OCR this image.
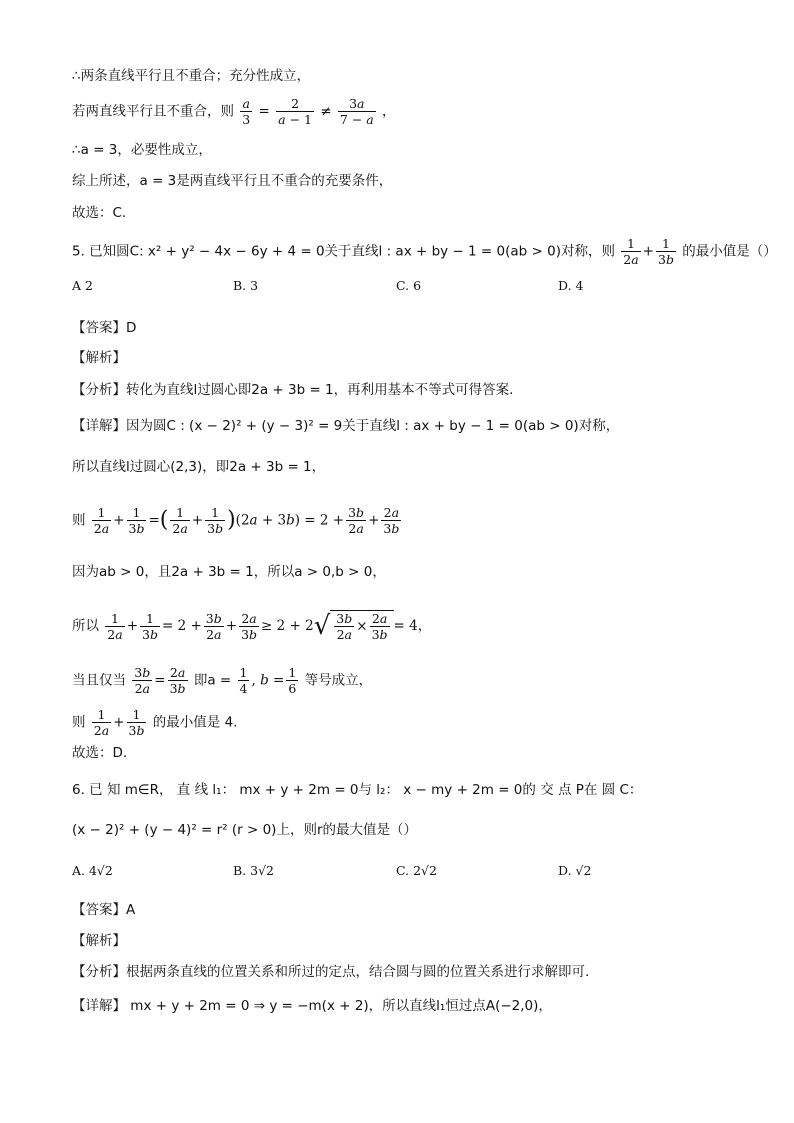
∴两条直线平行且不重合；充分性成立，
若两直线平行且不重合，则 $\frac{a}{3} = \frac{2}{a - 1} \ne \frac{3a}{7 - a}$ ，
∴a = 3，必要性成立，
综上所述，a = 3是两直线平行且不重合的充要条件，
故选：C.
5. 已知圆C: x² + y² − 4x − 6y + 4 = 0关于直线l : ax + by − 1 = 0(ab > 0)对称，则 $\frac{1}{2a} + \frac{1}{3b}$ 的最小值是（）
A 2	B. 3	C. 6	D. 4
【答案】D
【解析】
【分析】转化为直线l过圆心即2a + 3b = 1，再利用基本不等式可得答案.
【详解】因为圆C : (x − 2)² + (y − 3)² = 9关于直线l : ax + by − 1 = 0(ab > 0)对称，
所以直线l过圆心(2,3)，即2a + 3b = 1，
则 $\frac{1}{2a} + \frac{1}{3b}$ =( $\frac{1}{2a} + \frac{1}{3b} )(2a + 3b) = 2 + \frac{3b}{2a} + \frac{2a}{3b}$
因为ab > 0，且2a + 3b = 1，所以a > 0,b > 0，
所以 $\frac{1}{2a} + \frac{1}{3b} = 2 + \frac{3b}{2a} + \frac{2a}{3b} \ge 2 + 2√ \frac{3b}{2a} \times \frac{2a}{3b} = 4$，
当且仅当 $\frac{3b}{2a} = \frac{2a}{3b}$ 即$a = \frac{1}{4}$ , $b = \frac{1}{6}$ 等号成立，
则 $\frac{1}{2a} + \frac{1}{3b}$ 的最小值是 4.
故选：D.
6. 已 知 m∈R， 直 线 l₁： mx + y + 2m = 0与 l₂： x − my + 2m = 0的 交 点 P在 圆 C：
(x − 2)² + (y − 4)² = r² (r > 0)上，则r的最大值是（）
A. 4√2	B. 3√2	C. 2√2	D. √2
【答案】A
【解析】
【分析】根据两条直线的位置关系和所过的定点，结合圆与圆的位置关系进行求解即可.
【详解】 mx + y + 2m = 0 ⇒ y = −m(x + 2)，所以直线l₁恒过点A(−2,0)，
